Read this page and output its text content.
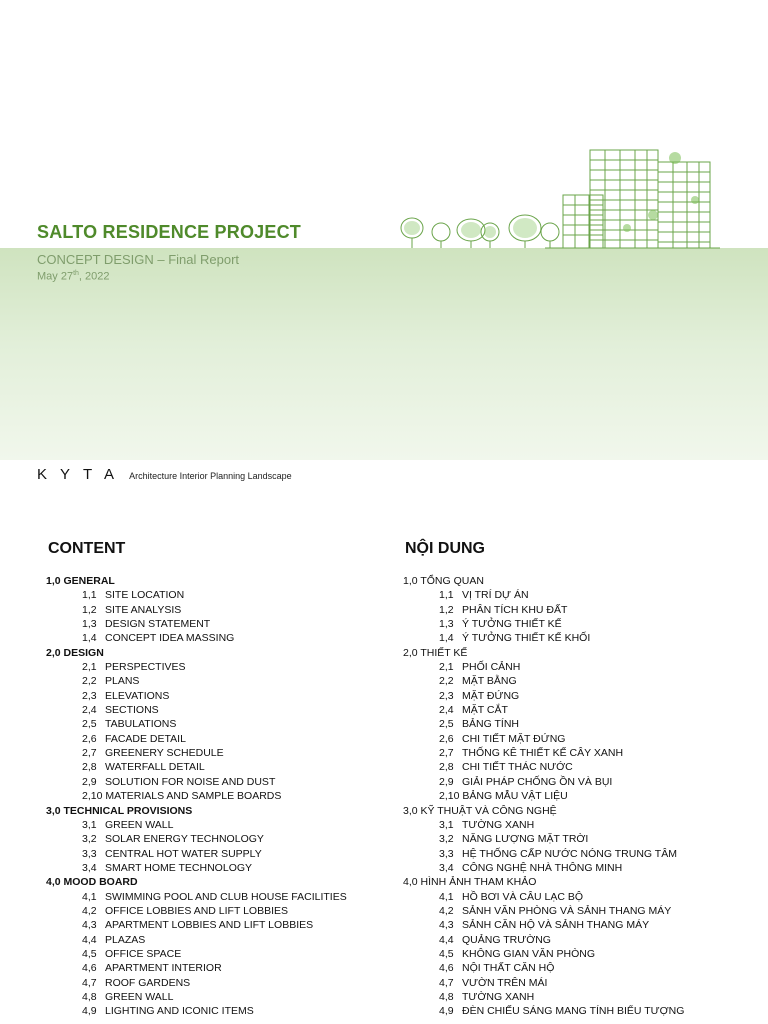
SALTO RESIDENCE PROJECT
CONCEPT DESIGN – Final Report
May 27th, 2022
KYTA Architecture Interior Planning Landscape
CONTENT
1,0 GENERAL
1,1 SITE LOCATION
1,2 SITE ANALYSIS
1,3 DESIGN STATEMENT
1,4 CONCEPT IDEA MASSING
2,0 DESIGN
2,1 PERSPECTIVES
2,2 PLANS
2,3 ELEVATIONS
2,4 SECTIONS
2,5 TABULATIONS
2,6 FACADE DETAIL
2,7 GREENERY SCHEDULE
2,8 WATERFALL DETAIL
2,9 SOLUTION FOR NOISE AND DUST
2,10 MATERIALS AND SAMPLE BOARDS
3,0 TECHNICAL PROVISIONS
3,1 GREEN WALL
3,2 SOLAR ENERGY TECHNOLOGY
3,3 CENTRAL HOT WATER SUPPLY
3,4 SMART HOME TECHNOLOGY
4,0 MOOD BOARD
4,1 SWIMMING POOL AND CLUB HOUSE FACILITIES
4,2 OFFICE LOBBIES AND LIFT LOBBIES
4,3 APARTMENT LOBBIES AND LIFT LOBBIES
4,4 PLAZAS
4,5 OFFICE SPACE
4,6 APARTMENT INTERIOR
4,7 ROOF GARDENS
4,8 GREEN WALL
4,9 LIGHTING AND ICONIC ITEMS
NỘI DUNG
1,0 TỔNG QUAN
1,1 VỊ TRÍ DỰ ÁN
1,2 PHÂN TÍCH KHU ĐẤT
1,3 Ý TƯỞNG THIẾT KẾ
1,4 Ý TƯỞNG THIẾT KẾ KHỐI
2,0 THIẾT KẾ
2,1 PHỐI CẢNH
2,2 MẶT BẰNG
2,3 MẶT ĐỨNG
2,4 MẶT CẮT
2,5 BẢNG TÍNH
2,6 CHI TIẾT MẶT ĐỨNG
2,7 THỐNG KÊ THIẾT KẾ CÂY XANH
2,8 CHI TIẾT THÁC NƯỚC
2,9 GIẢI PHÁP CHỐNG ỒN VÀ BỤI
2,10 BẢNG MẪU VẬT LIỆU
3,0 KỸ THUẬT VÀ CÔNG NGHỆ
3,1 TƯỜNG XANH
3,2 NĂNG LƯỢNG MẶT TRỜI
3,3 HỆ THỐNG CẤP NƯỚC NÓNG TRUNG TÂM
3,4 CÔNG NGHỆ NHÀ THÔNG MINH
4,0 HÌNH ẢNH THAM KHẢO
4,1 HỒ BƠI VÀ CÂU LẠC BỘ
4,2 SẢNH VĂN PHÒNG VÀ SẢNH THANG MÁY
4,3 SẢNH CĂN HỘ VÀ SẢNH THANG MÁY
4,4 QUẢNG TRƯỜNG
4,5 KHÔNG GIAN VĂN PHÒNG
4,6 NỘI THẤT CĂN HỘ
4,7 VƯỜN TRÊN MÁI
4,8 TƯỜNG XANH
4,9 ĐÈN CHIẾU SÁNG MANG TÍNH BIỂU TƯỢNG
